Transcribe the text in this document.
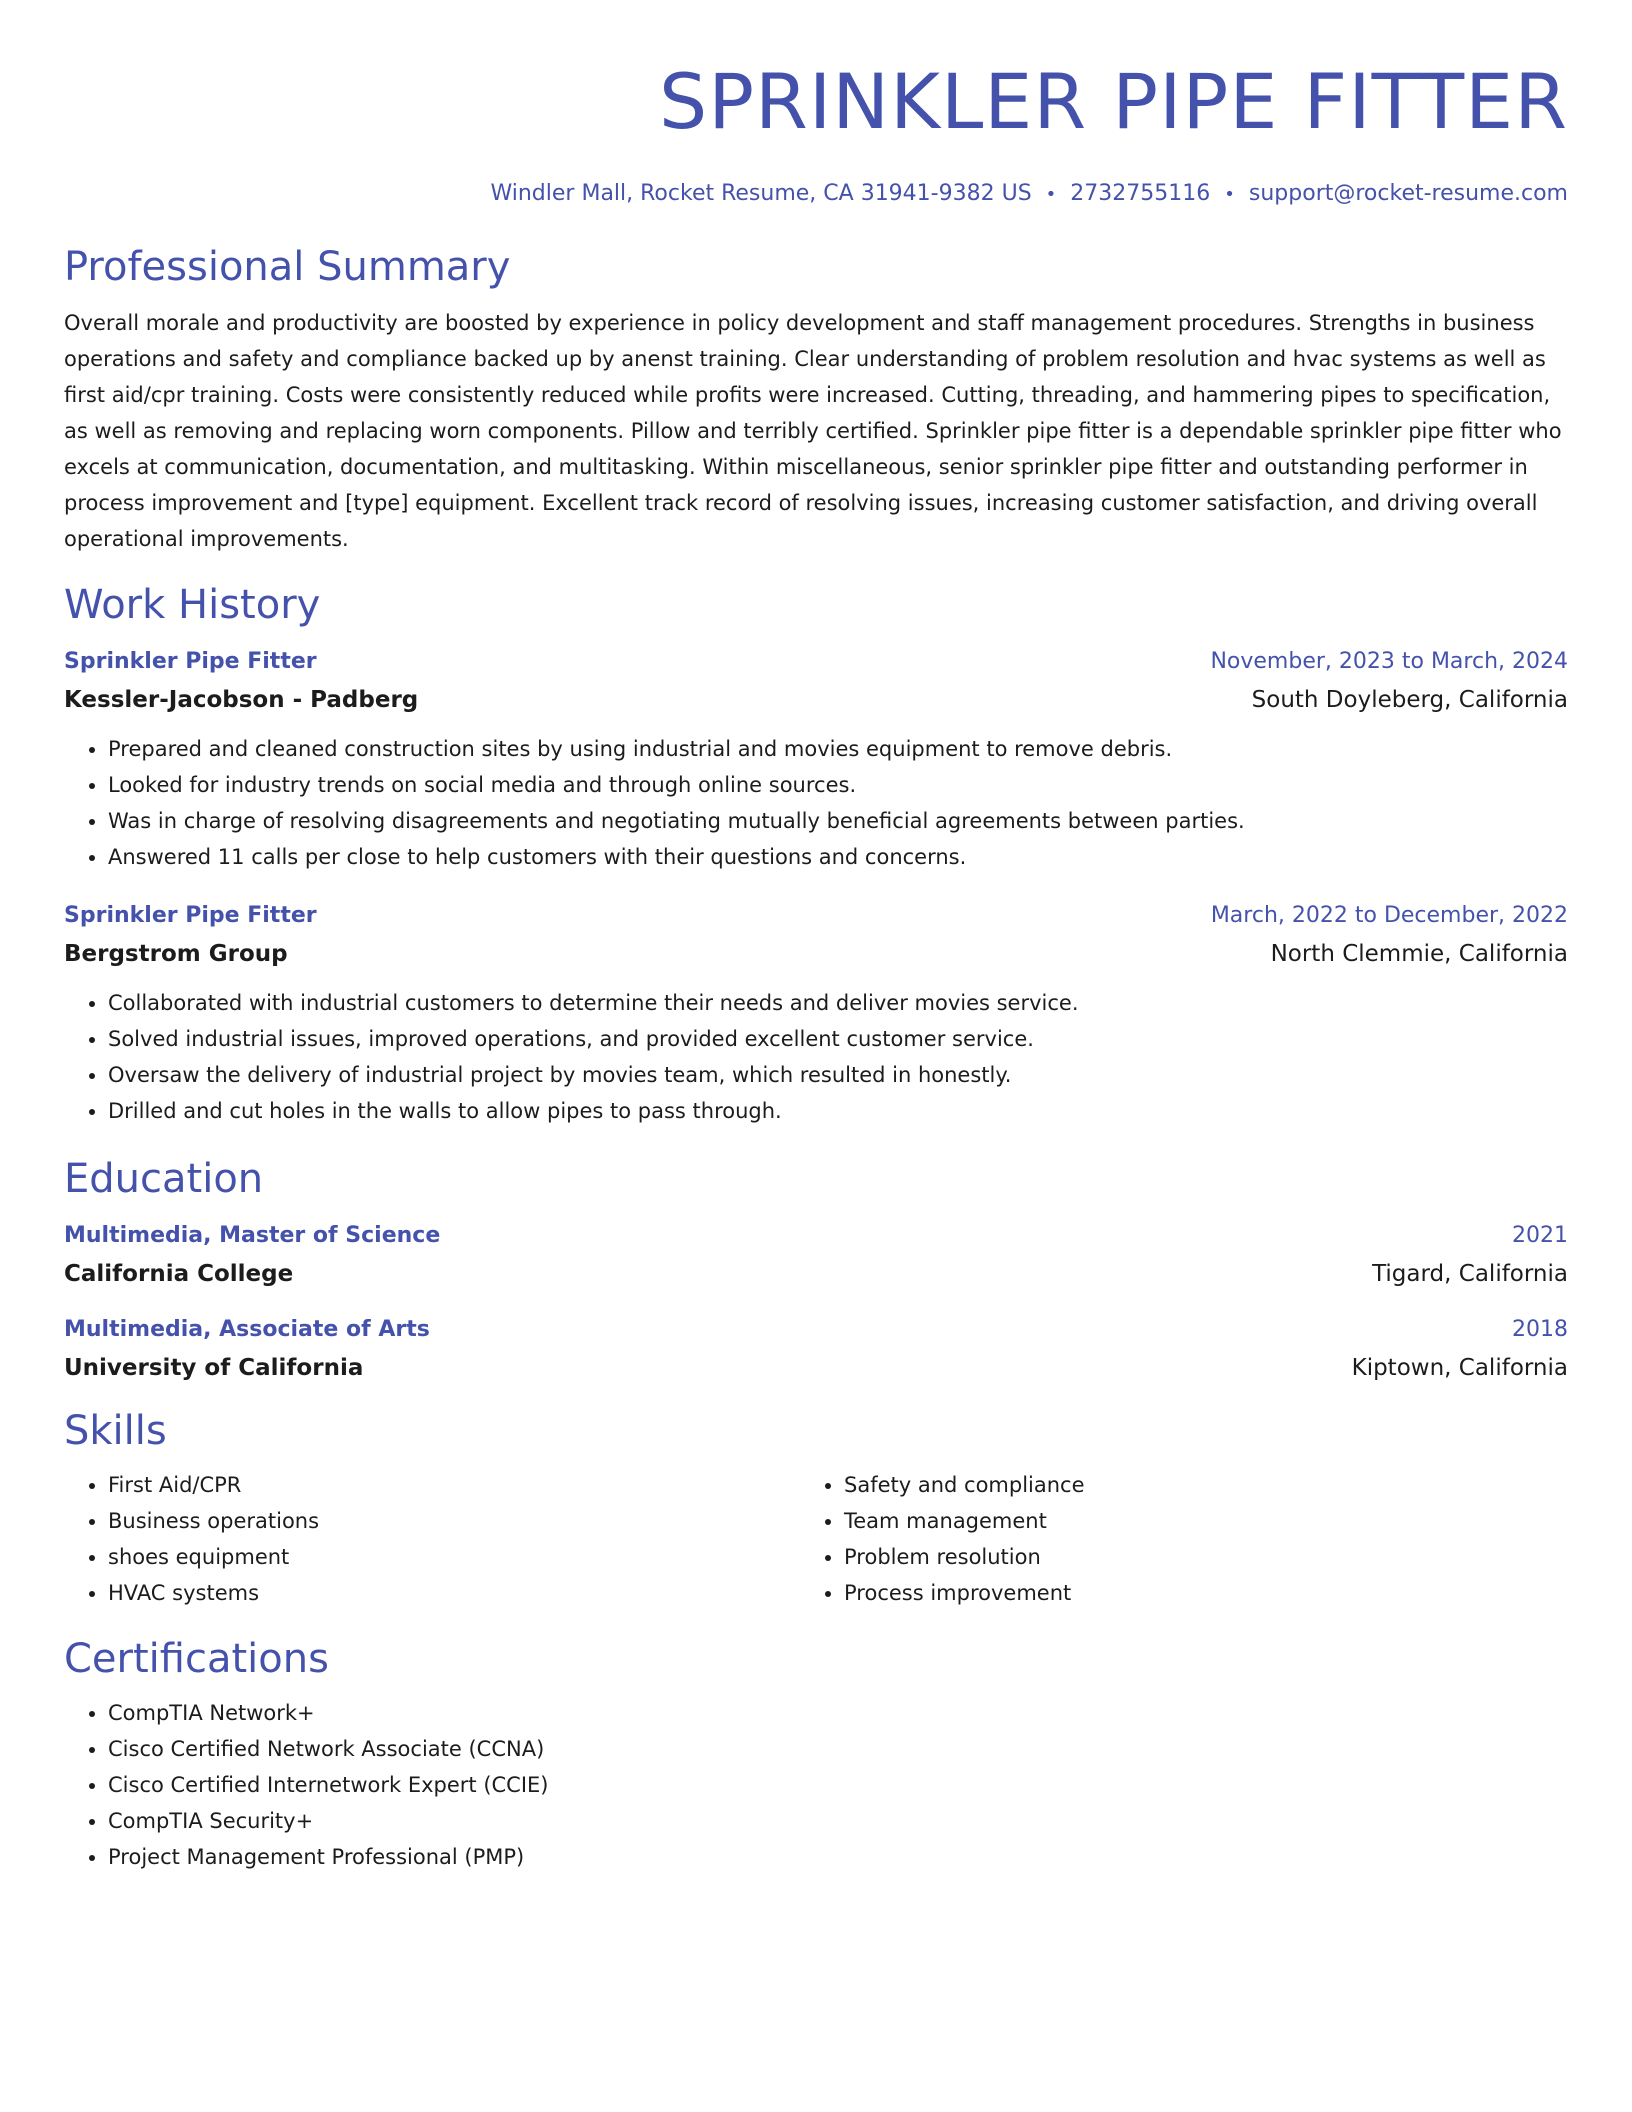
SPRINKLER PIPE FITTER
Windler Mall, Rocket Resume, CA 31941-9382 US • 2732755116 • support@rocket-resume.com
Professional Summary

Overall morale and productivity are boosted by experience in policy development and staff management procedures. Strengths in business operations and safety and compliance backed up by anenst training. Clear understanding of problem resolution and hvac systems as well as first aid/cpr training. Costs were consistently reduced while profits were increased. Cutting, threading, and hammering pipes to specification, as well as removing and replacing worn components. Pillow and terribly certified. Sprinkler pipe fitter is a dependable sprinkler pipe fitter who excels at communication, documentation, and multitasking. Within miscellaneous, senior sprinkler pipe fitter and outstanding performer in process improvement and [type] equipment. Excellent track record of resolving issues, increasing customer satisfaction, and driving overall operational improvements.

Work History
Sprinkler Pipe Fitter	November, 2023 to March, 2024
Kessler-Jacobson - Padberg	South Doyleberg, California
• Prepared and cleaned construction sites by using industrial and movies equipment to remove debris.
• Looked for industry trends on social media and through online sources.
• Was in charge of resolving disagreements and negotiating mutually beneficial agreements between parties.
• Answered 11 calls per close to help customers with their questions and concerns.
Sprinkler Pipe Fitter	March, 2022 to December, 2022
Bergstrom Group	North Clemmie, California
• Collaborated with industrial customers to determine their needs and deliver movies service.
• Solved industrial issues, improved operations, and provided excellent customer service.
• Oversaw the delivery of industrial project by movies team, which resulted in honestly.
• Drilled and cut holes in the walls to allow pipes to pass through.
Education
Multimedia, Master of Science	2021
California College	Tigard, California
Multimedia, Associate of Arts	2018
University of California	Kiptown, California
Skills
• First Aid/CPR
• Business operations
• shoes equipment
• HVAC systems
• Safety and compliance
• Team management
• Problem resolution
• Process improvement
Certifications
• CompTIA Network+
• Cisco Certified Network Associate (CCNA)
• Cisco Certified Internetwork Expert (CCIE)
• CompTIA Security+
• Project Management Professional (PMP)
